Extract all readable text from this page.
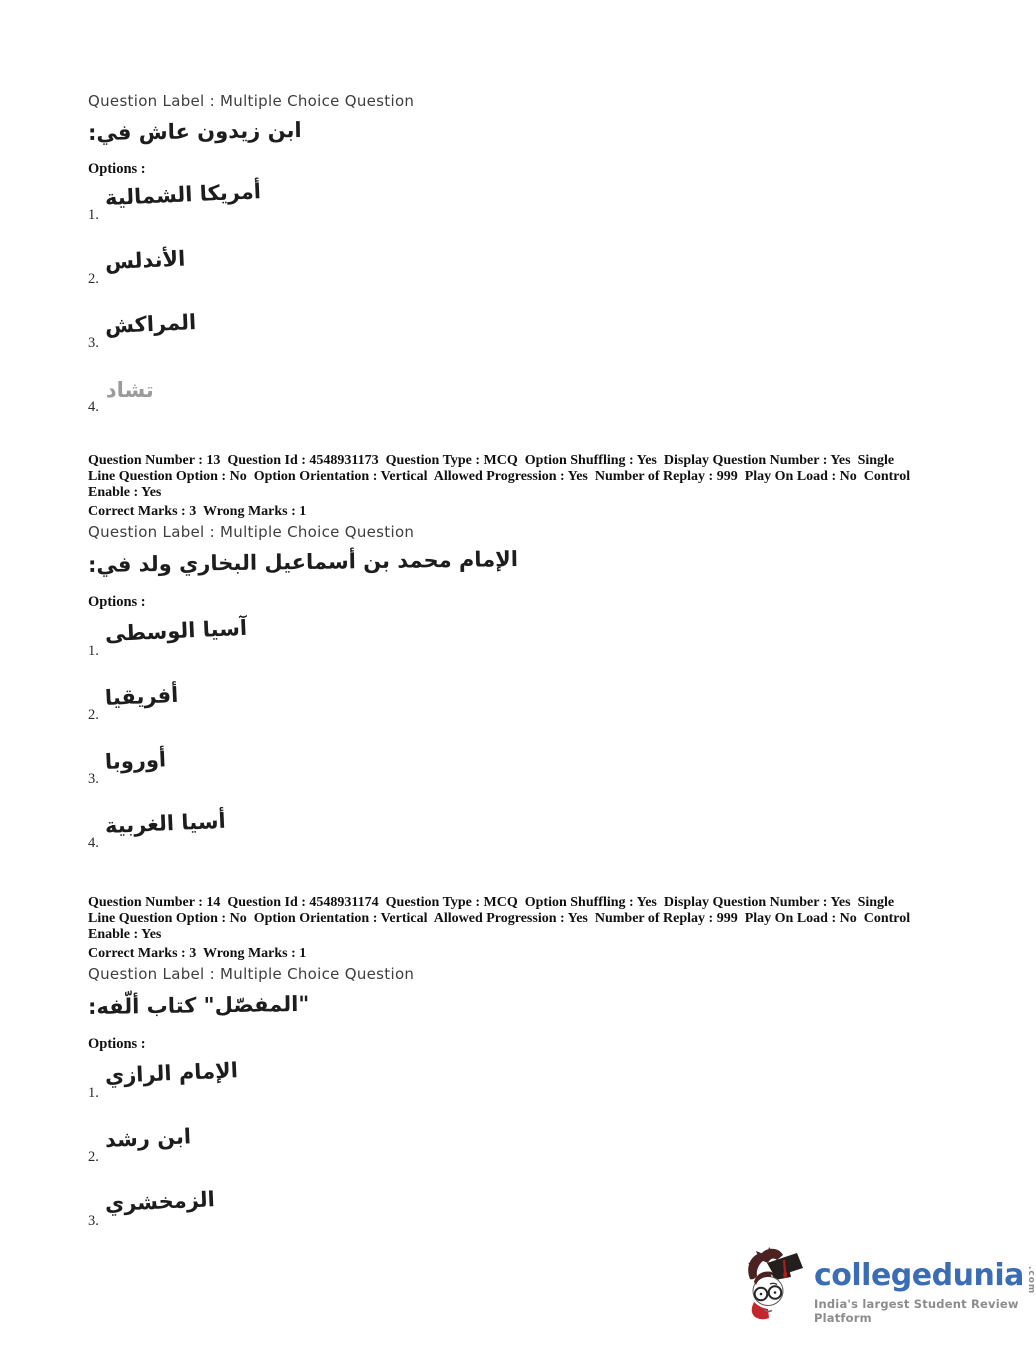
Question Label : Multiple Choice Question
ابن زيدون عاش في:
Options :
1.
أمريكا الشمالية
2.
الأندلس
3.
المراكش
4.
تشاد
Question Number : 13  Question Id : 4548931173  Question Type : MCQ  Option Shuffling : Yes  Display Question Number : Yes  Single Line Question Option : No  Option Orientation : Vertical  Allowed Progression : Yes  Number of Replay : 999  Play On Load : No  Control Enable : Yes
Correct Marks : 3  Wrong Marks : 1
Question Label : Multiple Choice Question
الإمام محمد بن أسماعيل البخاري ولد في:
Options :
1.
آسيا الوسطى
2.
أفريقيا
3.
أوروبا
4.
أسيا الغربية
Question Number : 14  Question Id : 4548931174  Question Type : MCQ  Option Shuffling : Yes  Display Question Number : Yes  Single Line Question Option : No  Option Orientation : Vertical  Allowed Progression : Yes  Number of Replay : 999  Play On Load : No  Control Enable : Yes
Correct Marks : 3  Wrong Marks : 1
Question Label : Multiple Choice Question
"المفصّل" كتاب ألّفه:
Options :
1.
الإمام الرازي
2.
ابن رشد
3.
الزمخشري
collegedunia .com
India's largest Student Review Platform
